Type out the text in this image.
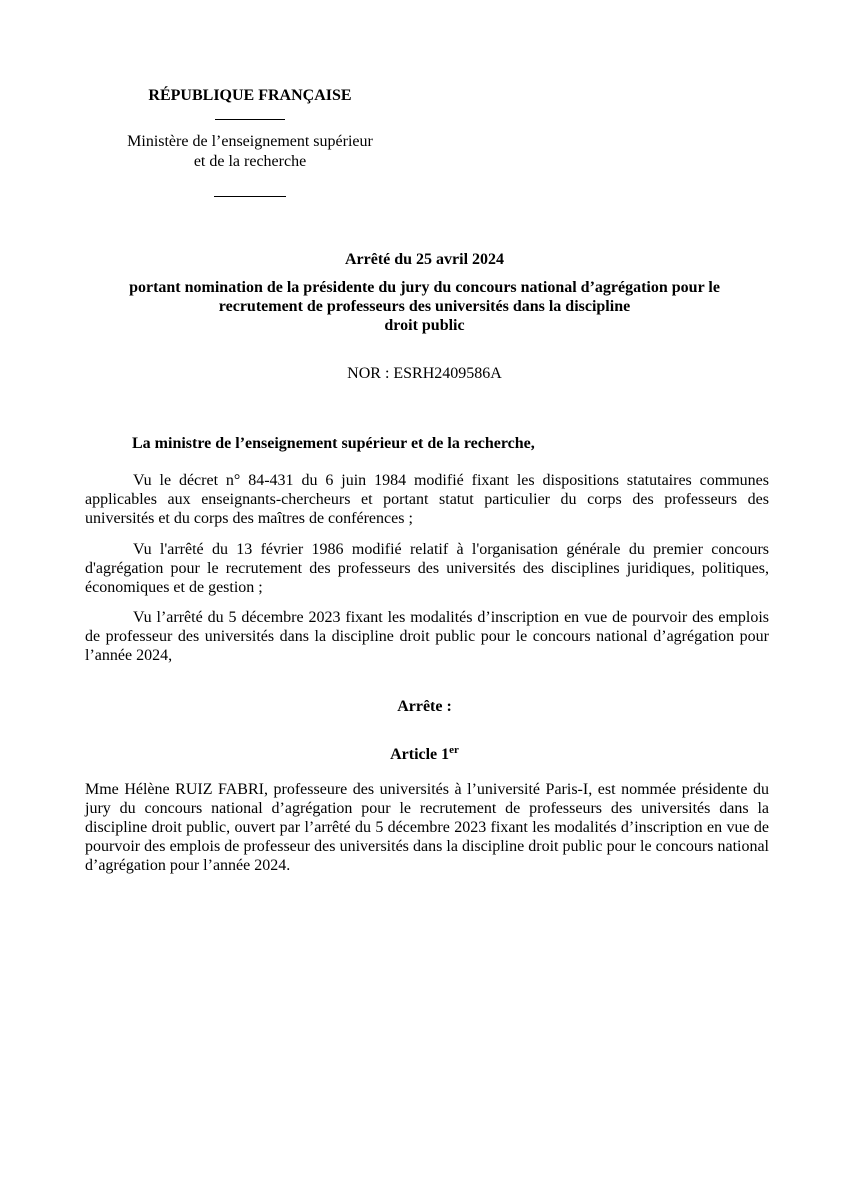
RÉPUBLIQUE FRANÇAISE
Ministère de l’enseignement supérieur
et de la recherche
Arrêté du 25 avril 2024
portant nomination de la présidente du jury du concours national d’agrégation pour le
recrutement de professeurs des universités dans la discipline
droit public
NOR : ESRH2409586A
La ministre de l’enseignement supérieur et de la recherche,
Vu le décret n° 84-431 du 6 juin 1984 modifié fixant les dispositions statutaires communes applicables aux enseignants-chercheurs et portant statut particulier du corps des professeurs des universités et du corps des maîtres de conférences ;
Vu l'arrêté du 13 février 1986 modifié relatif à l'organisation générale du premier concours d'agrégation pour le recrutement des professeurs des universités des disciplines juridiques, politiques, économiques et de gestion ;
Vu l’arrêté du 5 décembre 2023 fixant les modalités d’inscription en vue de pourvoir des emplois de professeur des universités dans la discipline droit public pour le concours national d’agrégation pour l’année 2024,
Arrête :
Article 1er
Mme Hélène RUIZ FABRI, professeure des universités à l’université Paris-I, est nommée présidente du jury du concours national d’agrégation pour le recrutement de professeurs des universités dans la discipline droit public, ouvert par l’arrêté du 5 décembre 2023 fixant les modalités d’inscription en vue de pourvoir des emplois de professeur des universités dans la discipline droit public pour le concours national d’agrégation pour l’année 2024.
